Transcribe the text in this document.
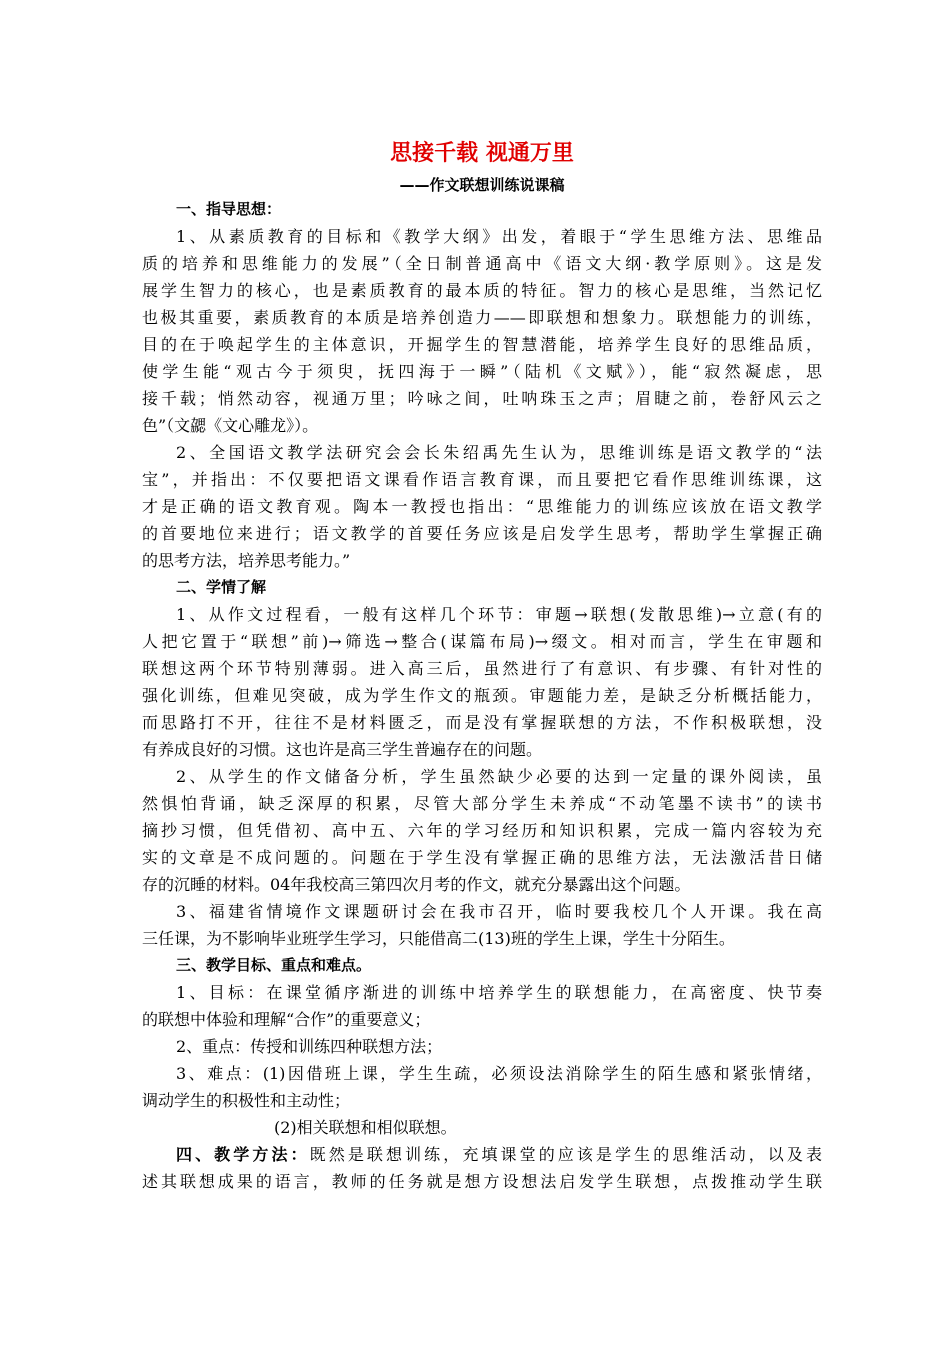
思接千载 视通万里
——作文联想训练说课稿
一、指导思想：
1、从素质教育的目标和《教学大纲》出发，着眼于“学生思维方法、思维品
质的培养和思维能力的发展”（全日制普通高中《语文大纲·教学原则》。这是发
展学生智力的核心，也是素质教育的最本质的特征。智力的核心是思维，当然记忆
也极其重要，素质教育的本质是培养创造力——即联想和想象力。联想能力的训练，
目的在于唤起学生的主体意识，开掘学生的智慧潜能，培养学生良好的思维品质，
使学生能“观古今于须臾，抚四海于一瞬”（陆机《文赋》），能“寂然凝虑，思
接千载；悄然动容，视通万里；吟咏之间，吐呐珠玉之声；眉睫之前，卷舒风云之
色”（文勰《文心雕龙》）。
2、全国语文教学法研究会会长朱绍禹先生认为，思维训练是语文教学的“法
宝”，并指出：不仅要把语文课看作语言教育课，而且要把它看作思维训练课，这
才是正确的语文教育观。陶本一教授也指出：“思维能力的训练应该放在语文教学
的首要地位来进行；语文教学的首要任务应该是启发学生思考，帮助学生掌握正确
的思考方法，培养思考能力。”
二、学情了解
1、从作文过程看，一般有这样几个环节：审题→联想(发散思维)→立意(有的
人把它置于“联想”前)→筛选→整合(谋篇布局)→缀文。相对而言，学生在审题和
联想这两个环节特别薄弱。进入高三后，虽然进行了有意识、有步骤、有针对性的
强化训练，但难见突破，成为学生作文的瓶颈。审题能力差，是缺乏分析概括能力，
而思路打不开，往往不是材料匮乏，而是没有掌握联想的方法，不作积极联想，没
有养成良好的习惯。这也许是高三学生普遍存在的问题。
2、从学生的作文储备分析，学生虽然缺少必要的达到一定量的课外阅读，虽
然惧怕背诵，缺乏深厚的积累，尽管大部分学生未养成“不动笔墨不读书”的读书
摘抄习惯，但凭借初、高中五、六年的学习经历和知识积累，完成一篇内容较为充
实的文章是不成问题的。问题在于学生没有掌握正确的思维方法，无法激活昔日储
存的沉睡的材料。04年我校高三第四次月考的作文，就充分暴露出这个问题。
3、福建省情境作文课题研讨会在我市召开，临时要我校几个人开课。我在高
三任课，为不影响毕业班学生学习，只能借高二(13)班的学生上课，学生十分陌生。
三、教学目标、重点和难点。
1、目标：在课堂循序渐进的训练中培养学生的联想能力，在高密度、快节奏
的联想中体验和理解“合作”的重要意义；
2、重点：传授和训练四种联想方法；
3、难点：(1)因借班上课，学生生疏，必须设法消除学生的陌生感和紧张情绪，
调动学生的积极性和主动性；
(2)相关联想和相似联想。
四、教学方法：既然是联想训练，充填课堂的应该是学生的思维活动，以及表
述其联想成果的语言，教师的任务就是想方设想法启发学生联想，点拨推动学生联
